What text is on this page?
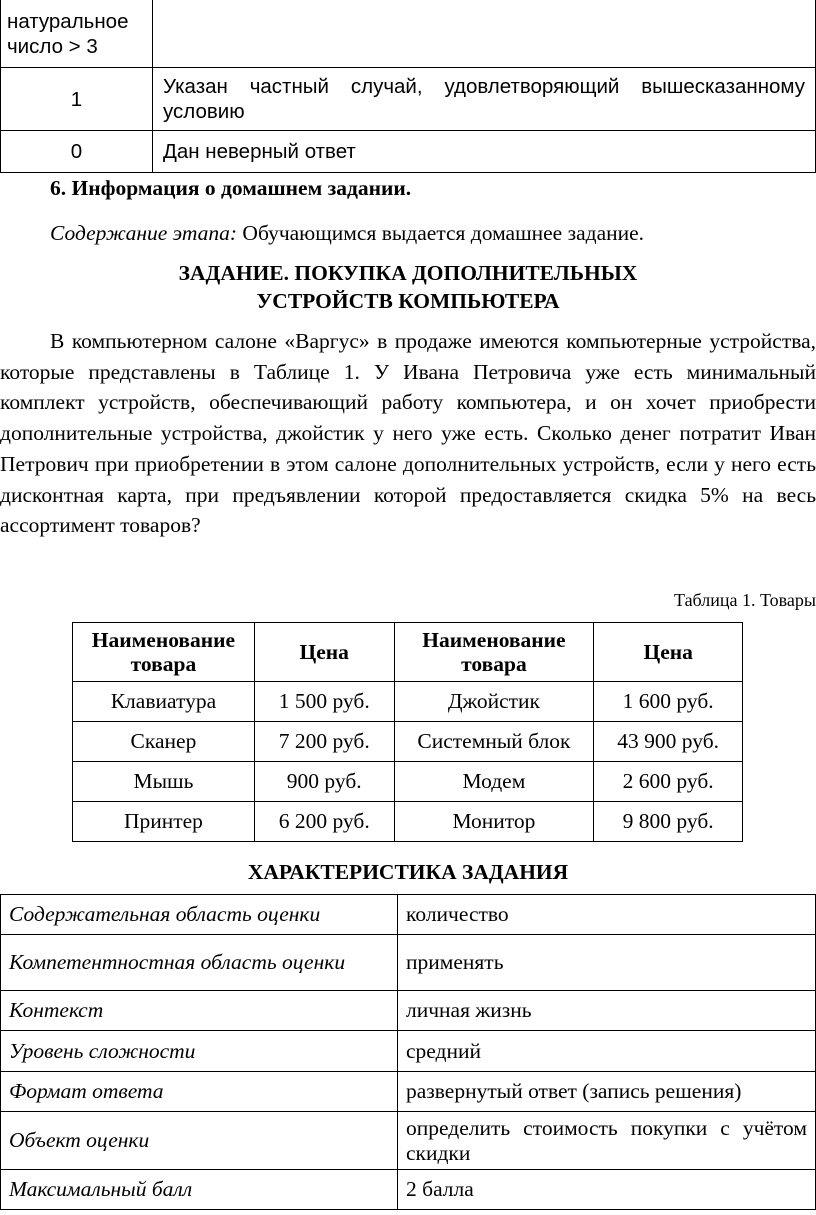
натуральное число > 3	
1	Указан частный случай, удовлетворяющий вышесказанному условию
0	Дан неверный ответ
6. Информация о домашнем задании.
Содержание этапа: Обучающимся выдается домашнее задание.
ЗАДАНИЕ. ПОКУПКА ДОПОЛНИТЕЛЬНЫХ
УСТРОЙСТВ КОМПЬЮТЕРА
В компьютерном салоне «Варгус» в продаже имеются компьютерные устройства, которые представлены в Таблице 1. У Ивана Петровича уже есть минимальный комплект устройств, обеспечивающий работу компьютера, и он хочет приобрести дополнительные устройства, джойстик у него уже есть. Сколько денег потратит Иван Петрович при приобретении в этом салоне дополнительных устройств, если у него есть дисконтная карта, при предъявлении которой предоставляется скидка 5% на весь ассортимент товаров?
Таблица 1. Товары
Наименование товара	Цена	Наименование товара	Цена
Клавиатура	1 500 руб.	Джойстик	1 600 руб.
Сканер	7 200 руб.	Системный блок	43 900 руб.
Мышь	900 руб.	Модем	2 600 руб.
Принтер	6 200 руб.	Монитор	9 800 руб.
ХАРАКТЕРИСТИКА ЗАДАНИЯ
Содержательная область оценки	количество
Компетентностная область оценки	применять
Контекст	личная жизнь
Уровень сложности	средний
Формат ответа	развернутый ответ (запись решения)
Объект оценки	определить стоимость покупки с учётом скидки
Максимальный балл	2 балла
